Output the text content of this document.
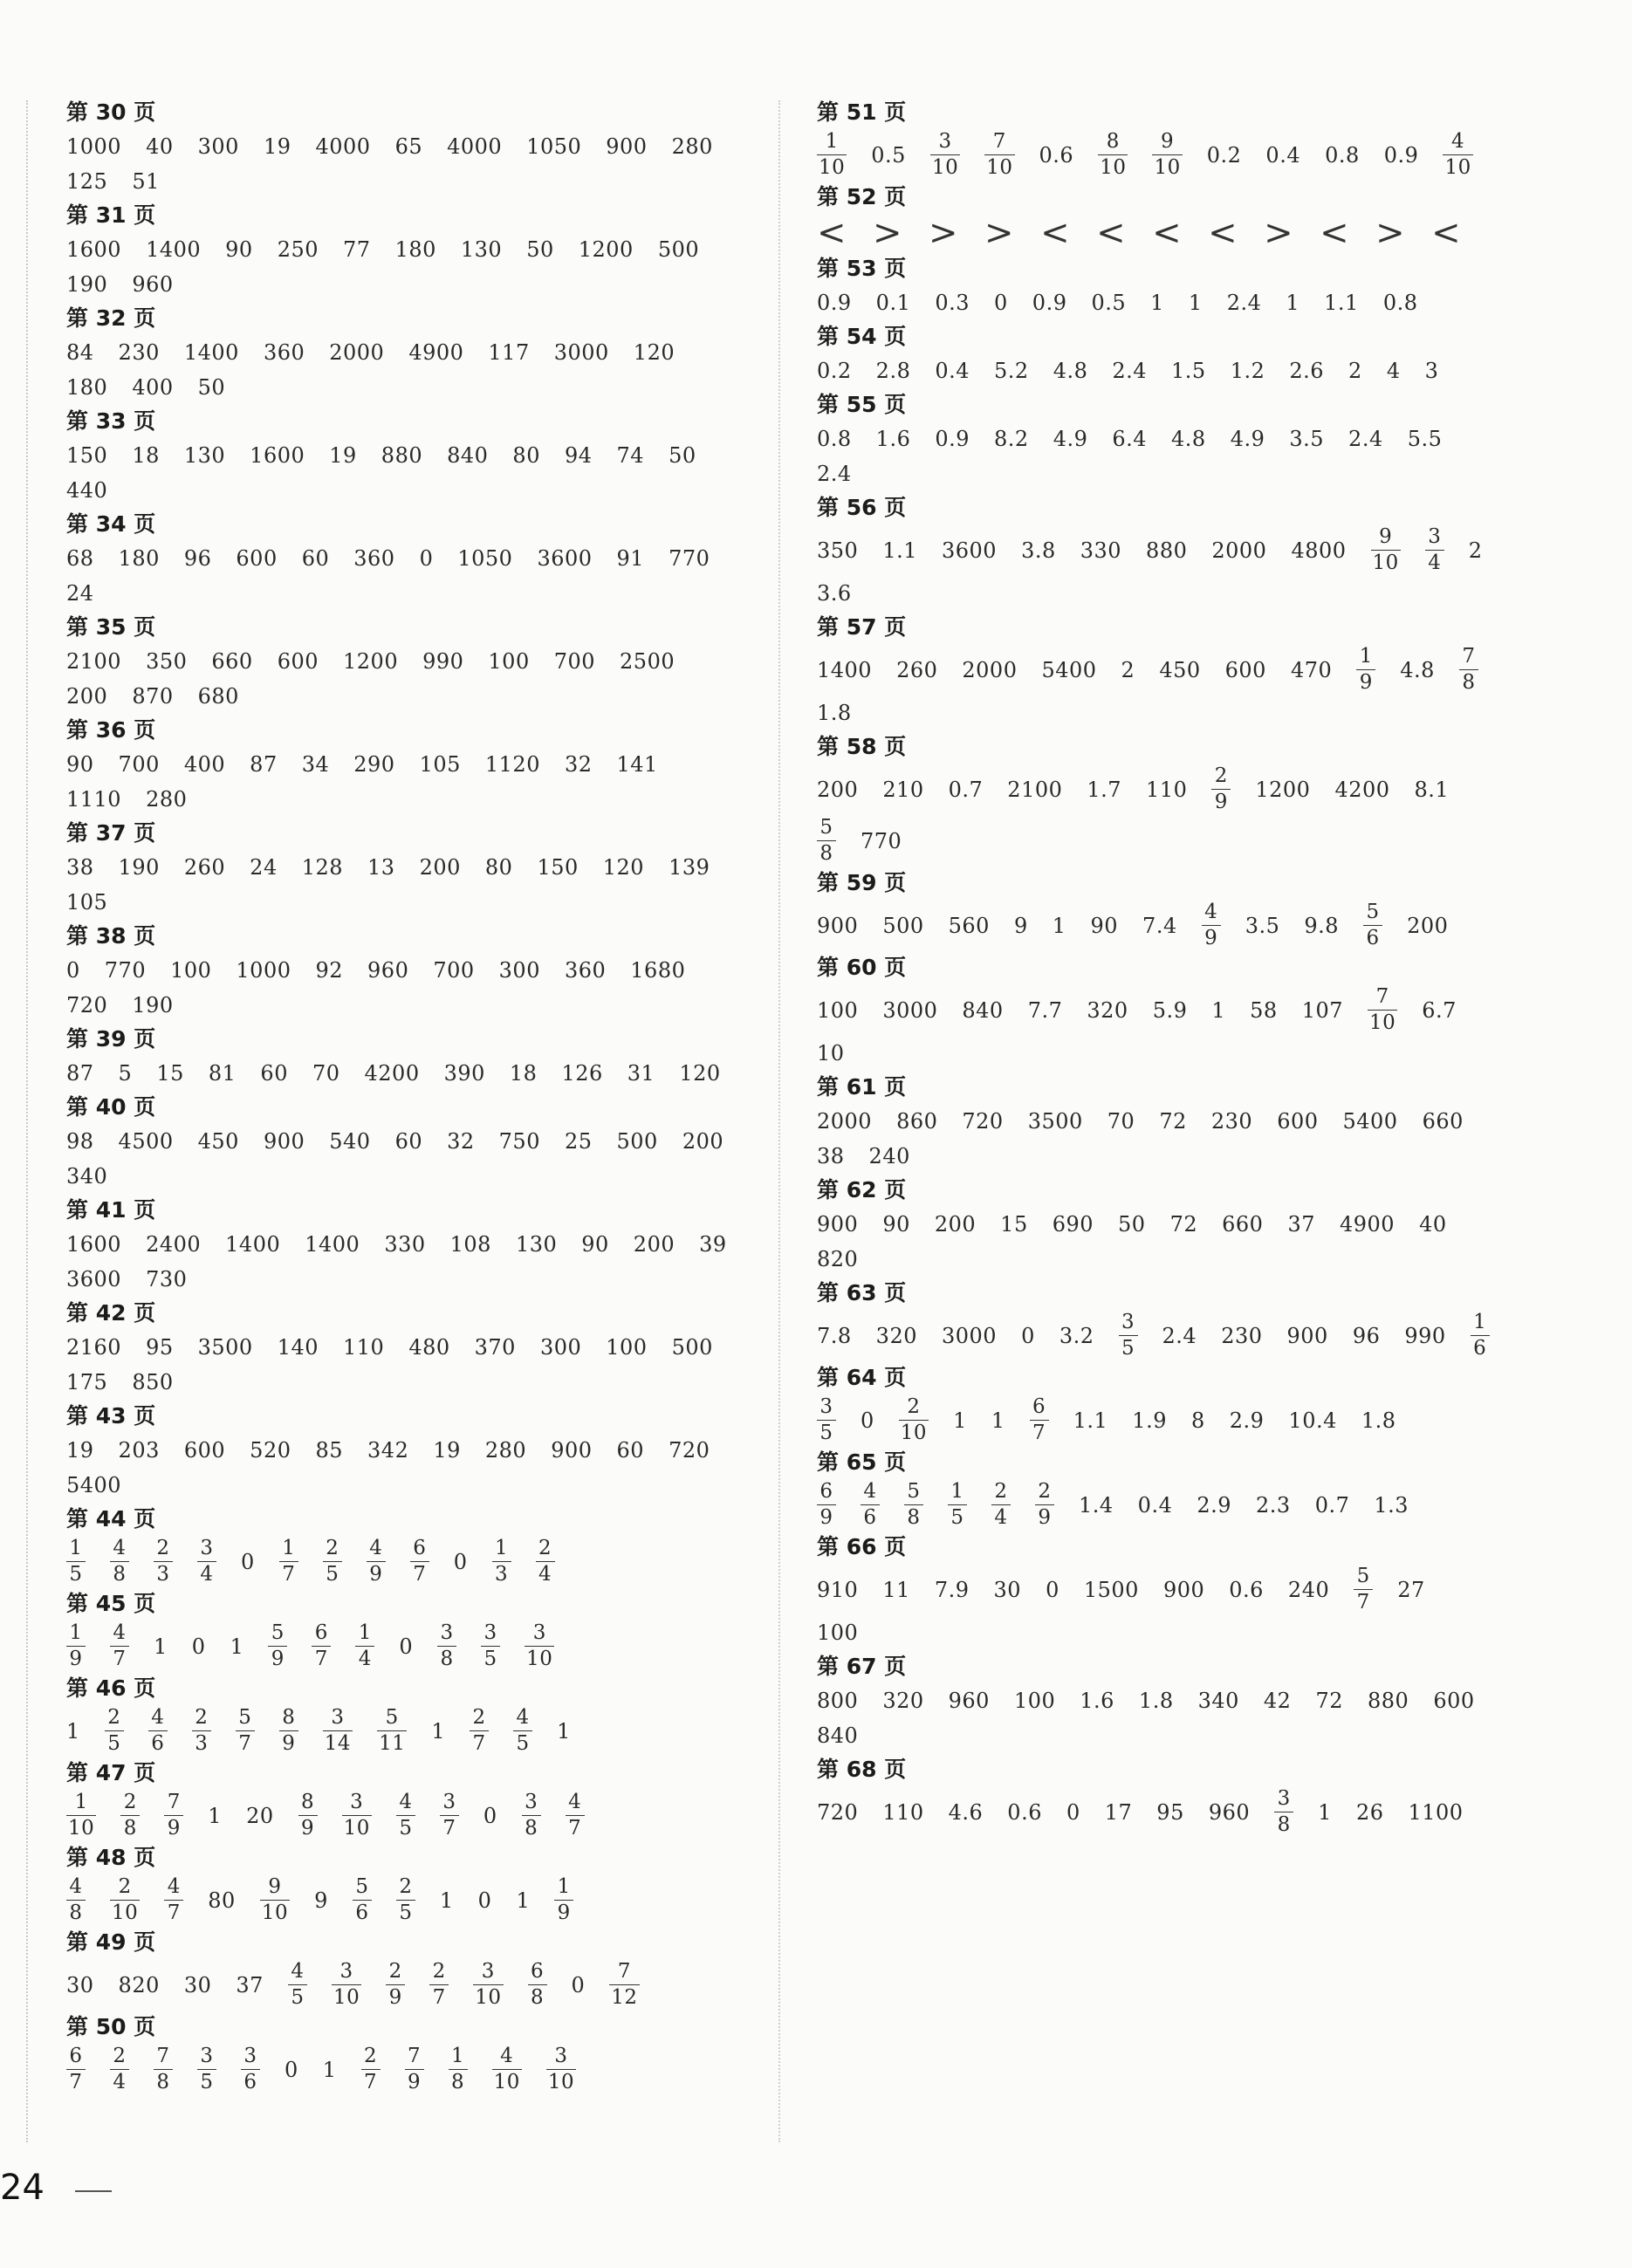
第 30 页
1000 40 300 19 4000 65 4000 1050 900 280
125 51
第 31 页
1600 1400 90 250 77 180 130 50 1200 500
190 960
第 32 页
84 230 1400 360 2000 4900 117 3000 120
180 400 50
第 33 页
150 18 130 1600 19 880 840 80 94 74 50
440
第 34 页
68 180 96 600 60 360 0 1050 3600 91 770
24
第 35 页
2100 350 660 600 1200 990 100 700 2500
200 870 680
第 36 页
90 700 400 87 34 290 105 1120 32 141
1110 280
第 37 页
38 190 260 24 128 13 200 80 150 120 139
105
第 38 页
0 770 100 1000 92 960 700 300 360 1680
720 190
第 39 页
87 5 15 81 60 70 4200 390 18 126 31 120
第 40 页
98 4500 450 900 540 60 32 750 25 500 200
340
第 41 页
1600 2400 1400 1400 330 108 130 90 200 39
3600 730
第 42 页
2160 95 3500 140 110 480 370 300 100 500
175 850
第 43 页
19 203 600 520 85 342 19 280 900 60 720
5400
第 44 页
$\frac{1}{5} \frac{4}{8} \frac{2}{3} \frac{3}{4} 0 \frac{1}{7} \frac{2}{5} \frac{4}{9} \frac{6}{7} 0 \frac{1}{3} \frac{2}{4}$
第 45 页
$\frac{1}{9} \frac{4}{7} 1$ 0 $1 \frac{5}{9} \frac{6}{7} \frac{1}{4} 0 \frac{3}{8} \frac{3}{5} \frac{3}{10}$
第 46 页
$1 \frac{2}{5} \frac{4}{6} \frac{2}{3} \frac{5}{7} \frac{8}{9} \frac{3}{14} \frac{5}{11} 1 \frac{2}{7} \frac{4}{5} 1$
第 47 页
$\frac{1}{10} \frac{2}{8} \frac{7}{9} 1$ $20 \frac{8}{9} \frac{3}{10} \frac{4}{5} \frac{3}{7} 0 \frac{3}{8} \frac{4}{7}$
第 48 页
$\frac{4}{8} \frac{2}{10} \frac{4}{7} 80 \frac{9}{10} 9 \frac{5}{6} \frac{2}{5} 1$ 0 $1 \frac{1}{9}$
第 49 页
30 820 30 $37 \frac{4}{5} \frac{3}{10} \frac{2}{9} \frac{2}{7} \frac{3}{10} \frac{6}{8} 0 \frac{7}{12}$
第 50 页
$\frac{6}{7} \frac{2}{4} \frac{7}{8} \frac{3}{5} \frac{3}{6} 0$ $1 \frac{2}{7} \frac{7}{9} \frac{1}{8} \frac{4}{10} \frac{3}{10}$
第 51 页
$\frac{1}{10} 0.5 \frac{3}{10} \frac{7}{10} 0.6 \frac{8}{10} \frac{9}{10} 0.2$ 0.4 0.8 $0.9 \frac{4}{10}$
第 52 页
< > > > < < < < > < > <
第 53 页
0.9 0.1 0.3 0 0.9 0.5 1 1 2.4 1 1.1 0.8
第 54 页
0.2 2.8 0.4 5.2 4.8 2.4 1.5 1.2 2.6 2 4 3
第 55 页
0.8 1.6 0.9 8.2 4.9 6.4 4.8 4.9 3.5 2.4 5.5
2.4
第 56 页
350 1.1 3600 3.8 330 880 2000 $4800 \frac{9}{10} \frac{3}{4} 2$
3.6
第 57 页
1400 260 2000 5400 2 450 600 $470 \frac{1}{9} 4.8 \frac{7}{8}$
1.8
第 58 页
200 210 0.7 2100 1.7 $110 \frac{2}{9} 1200$ 4200 8.1
$\frac{5}{8} 770$
第 59 页
900 500 560 9 1 90 $7.4 \frac{4}{9} 3.5$ $9.8 \frac{5}{6} 200$
第 60 页
100 3000 840 7.7 320 5.9 1 58 $107 \frac{7}{10} 6.7$
10
第 61 页
2000 860 720 3500 70 72 230 600 5400 660
38 240
第 62 页
900 90 200 15 690 50 72 660 37 4900 40
820
第 63 页
7.8 320 3000 0 $3.2 \frac{3}{5} 2.4$ 230 900 96 $990 \frac{1}{6}$
第 64 页
$\frac{3}{5} 0 \frac{2}{10} 1$ $1 \frac{6}{7} 1.1$ 1.9 8 2.9 10.4 1.8
第 65 页
$\frac{6}{9} \frac{4}{6} \frac{5}{8} \frac{1}{5} \frac{2}{4} \frac{2}{9} 1.4$ 0.4 2.9 2.3 0.7 1.3
第 66 页
910 11 7.9 30 0 1500 900 0.6 $240 \frac{5}{7} 27$
100
第 67 页
800 320 960 100 1.6 1.8 340 42 72 880 600
840
第 68 页
720 110 4.6 0.6 0 17 95 $960 \frac{3}{8} 1$ 26 1100
24
